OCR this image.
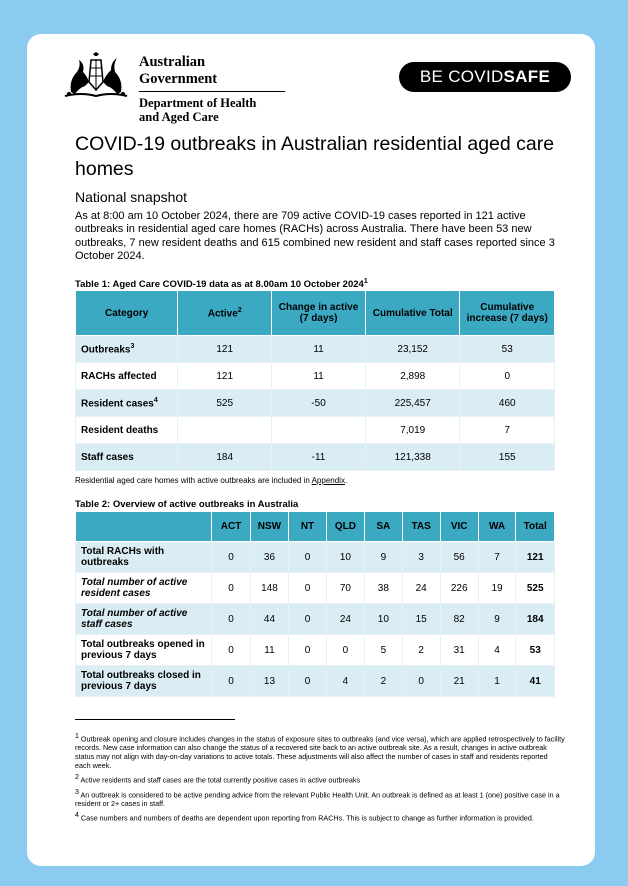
Australian Government
Department of Health
and Aged Care
BE COVIDSAFE
COVID-19 outbreaks in Australian residential aged care homes
National snapshot
As at 8:00 am 10 October 2024, there are 709 active COVID-19 cases reported in 121 active outbreaks in residential aged care homes (RACHs) across Australia. There have been 53 new outbreaks, 7 new resident deaths and 615 combined new resident and staff cases reported since 3 October 2024.
Table 1: Aged Care COVID-19 data as at 8.00am 10 October 2024$^1$
Category	Active$^2$	Change in active (7 days)	Cumulative Total	Cumulative increase (7 days)
Outbreaks$^3$	121	11	23,152	53
RACHs affected	121	11	2,898	0
Resident cases$^4$	525	-50	225,457	460
Resident deaths			7,019	7
Staff cases	184	-11	121,338	155
Residential aged care homes with active outbreaks are included in Appendix.
Table 2: Overview of active outbreaks in Australia
	ACT	NSW	NT	QLD	SA	TAS	VIC	WA	Total
Total RACHs with outbreaks	0	36	0	10	9	3	56	7	121
Total number of active resident cases	0	148	0	70	38	24	226	19	525
Total number of active staff cases	0	44	0	24	10	15	82	9	184
Total outbreaks opened in previous 7 days	0	11	0	0	5	2	31	4	53
Total outbreaks closed in previous 7 days	0	13	0	4	2	0	21	1	41

$^1$ Outbreak opening and closure includes changes in the status of exposure sites to outbreaks (and vice versa), which are applied retrospectively to facility records. New case information can also change the status of a recovered site back to an active outbreak site. As a result, changes in active outbreak status may not align with day-on-day variations to active totals. These adjustments will also affect the number of cases in staff and residents reported each week.

$^2$ Active residents and staff cases are the total currently positive cases in active outbreaks

$^3$ An outbreak is considered to be active pending advice from the relevant Public Health Unit. An outbreak is defined as at least 1 (one) positive case in a resident or 2+ cases in staff.

$^4$ Case numbers and numbers of deaths are dependent upon reporting from RACHs. This is subject to change as further information is provided.
